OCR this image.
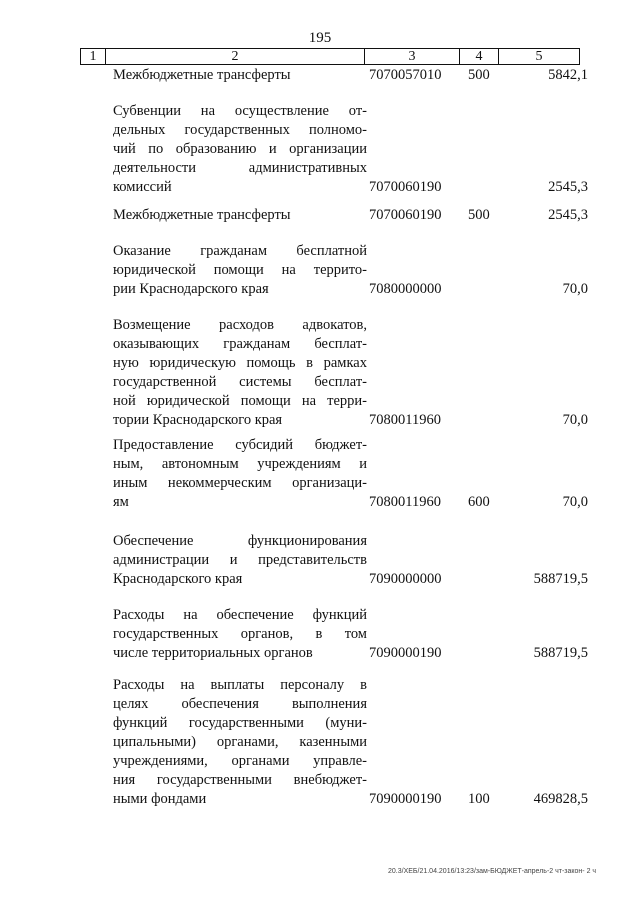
195
1	2	3	4	5
Межбюджетные трансферты	7070057010 500	5842,1
Субвенции на осуществление от-
дельных государственных полномо-
чий по образованию и организации
деятельности административных
комиссий	7070060190	2545,3
Межбюджетные трансферты	7070060190 500	2545,3
Оказание гражданам бесплатной
юридической помощи на террито-
рии Краснодарского края	7080000000	70,0
Возмещение расходов адвокатов,
оказывающих гражданам бесплат-
ную юридическую помощь в рамках
государственной системы бесплат-
ной юридической помощи на терри-
тории Краснодарского края	7080011960	70,0
Предоставление субсидий бюджет-
ным, автономным учреждениям и
иным некоммерческим организаци-
ям	7080011960 600	70,0
Обеспечение функционирования
администрации и представительств
Краснодарского края	7090000000	588719,5
Расходы на обеспечение функций
государственных органов, в том
числе территориальных органов	7090000190	588719,5
Расходы на выплаты персоналу в
целях обеспечения выполнения
функций государственными (муни-
ципальными) органами, казенными
учреждениями, органами управле-
ния государственными внебюджет-
ными фондами	7090000190 100	469828,5
20.3/ХЕБ/21.04.2016/13:23/зам-БЮДЖЕТ-апрель-2 чт-закон- 2 ч
